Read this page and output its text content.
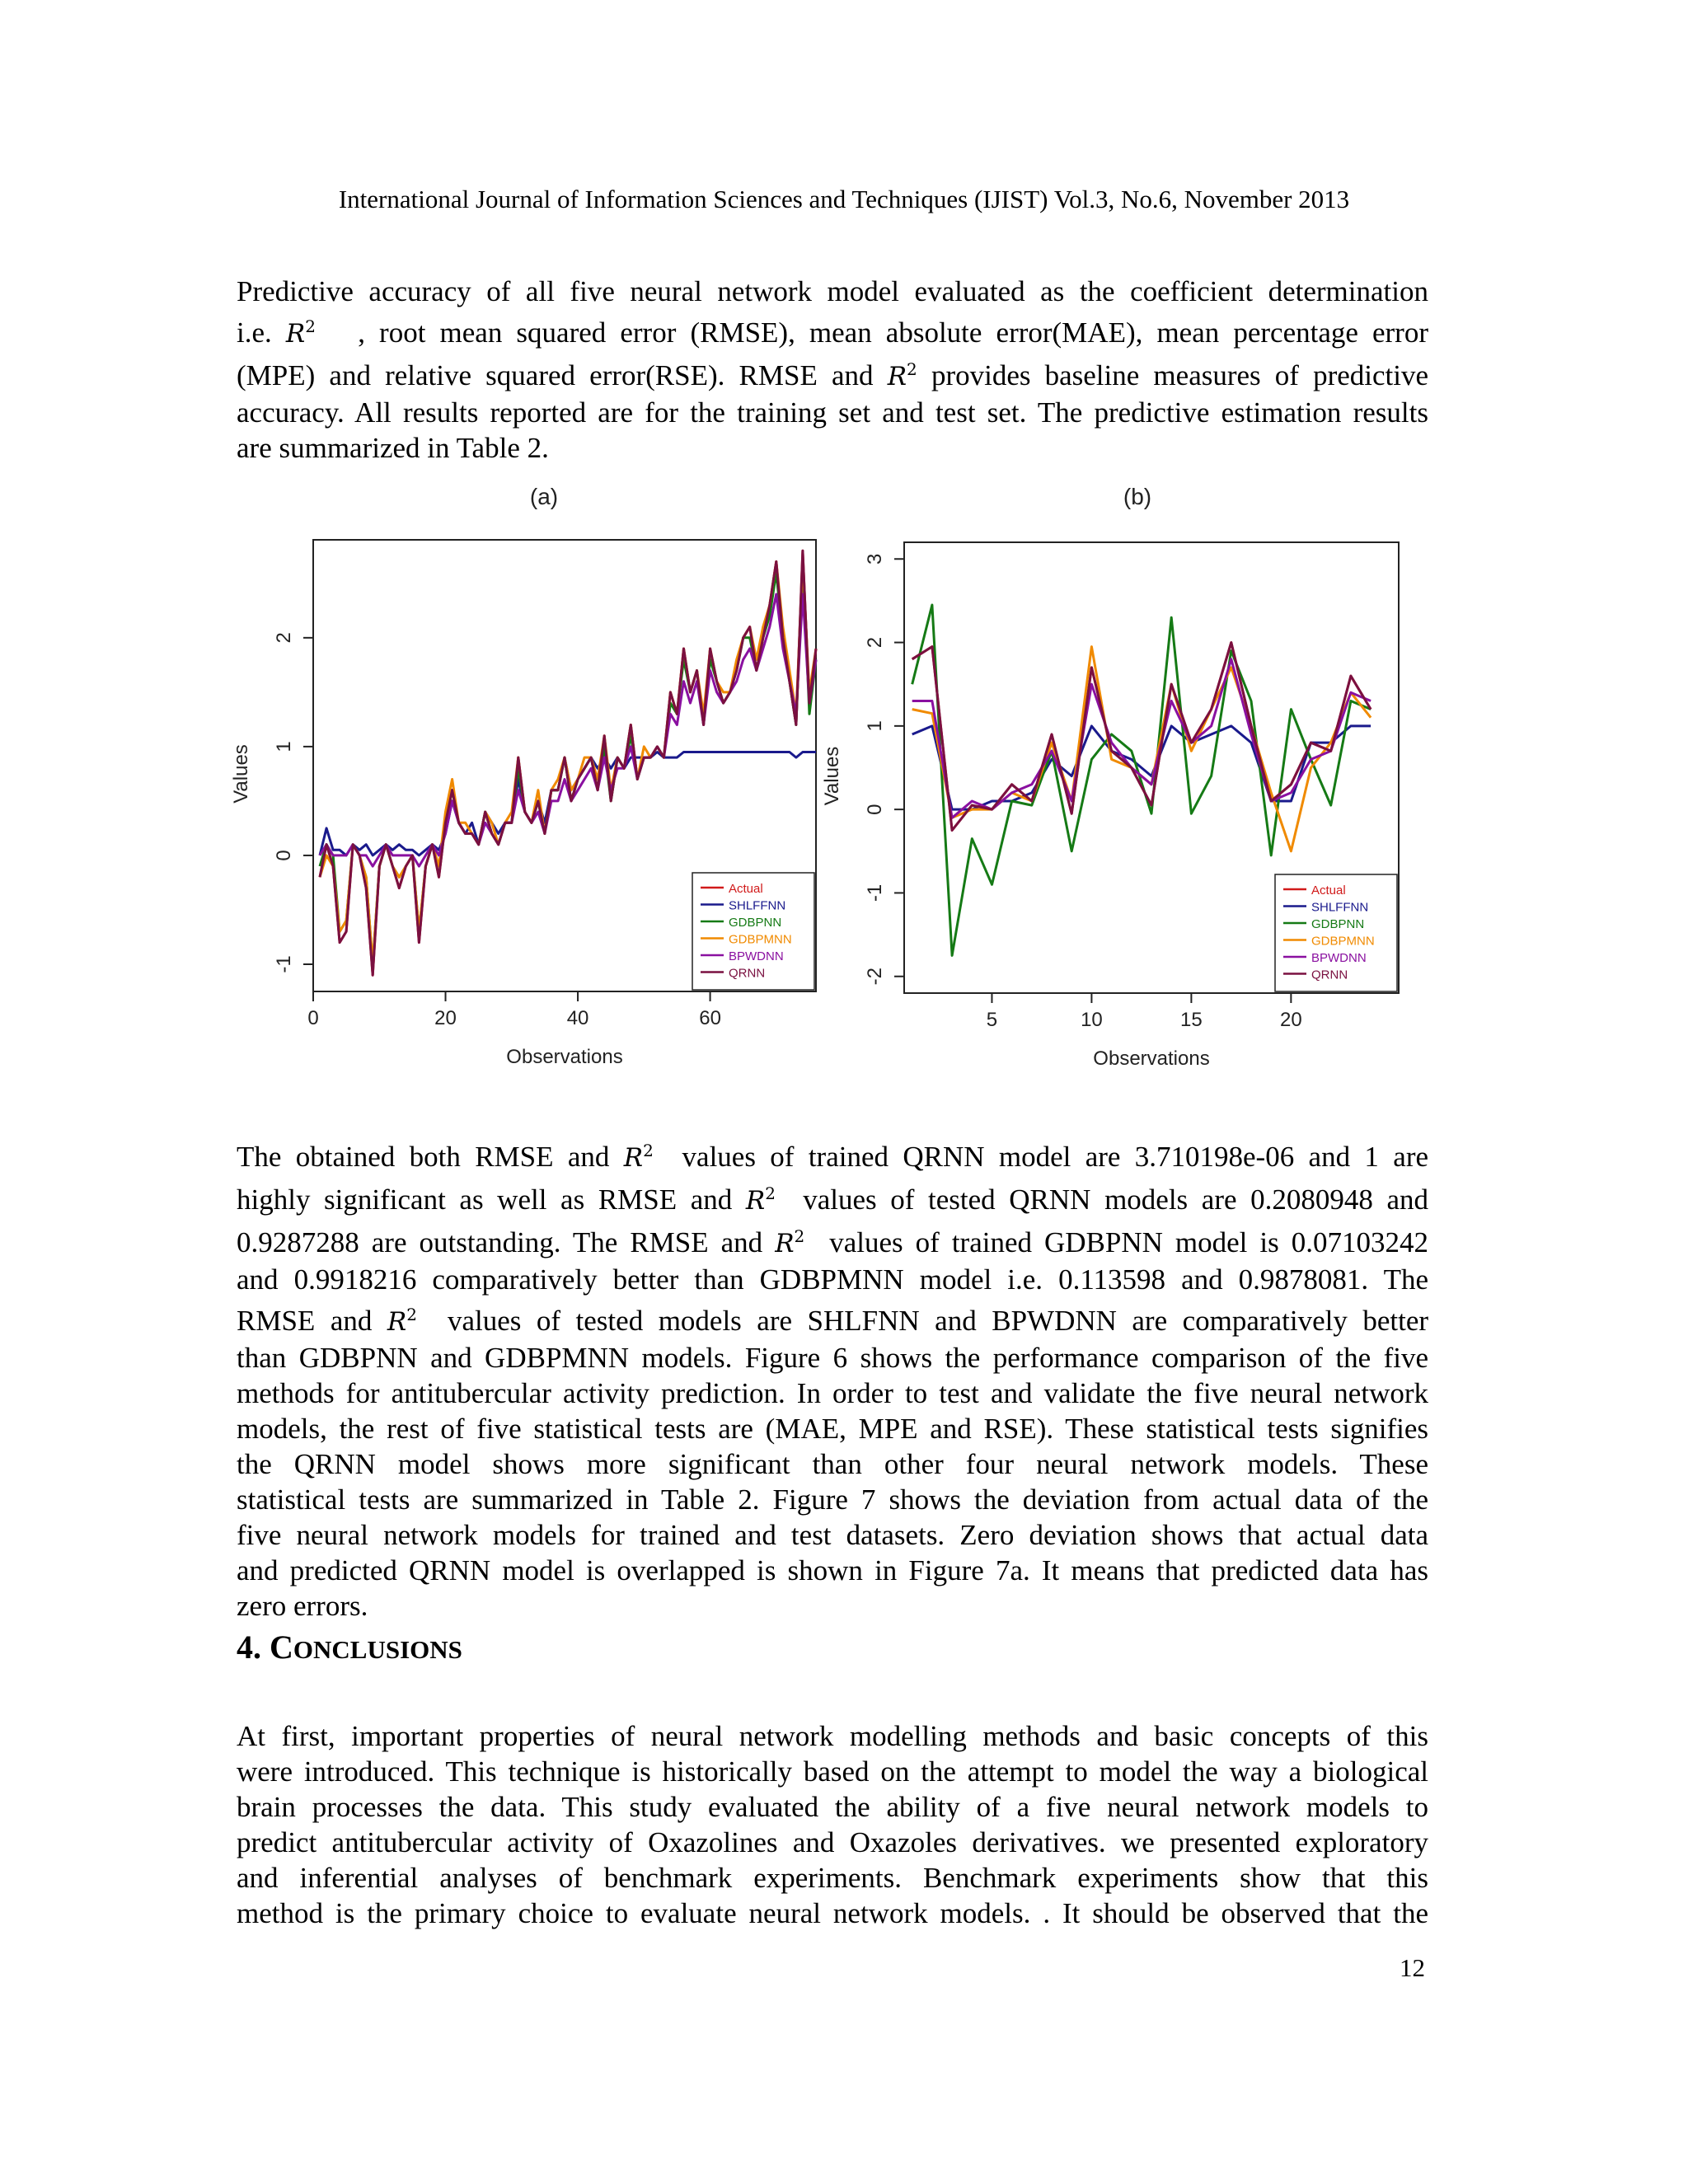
International Journal of Information Sciences and Techniques (IJIST) Vol.3, No.6, November 2013
Predictive accuracy of all five neural network model evaluated as the coefficient determination
i.e. $R^2$ , root mean squared error (RMSE), mean absolute error(MAE), mean percentage error
(MPE) and relative squared error(RSE). RMSE and $R^2$ provides baseline measures of predictive
accuracy. All results reported are for the training set and test set. The predictive estimation results
are summarized in Table 2.
(a)
0	20	40	60
-1
0
1
2
Observations
Values
Actual
SHLFFNN
GDBPNN
GDBPMNN
BPWDNN
QRNN
(b)
5	10	15	20
-2
-1
0
1
2
3
Observations
Values
Actual
SHLFFNN
GDBPNN
GDBPMNN
BPWDNN
QRNN
The obtained both RMSE and $R^2$ values of trained QRNN model are 3.710198e-06 and 1 are
highly significant as well as RMSE and $R^2$ values of tested QRNN models are 0.2080948 and
0.9287288 are outstanding. The RMSE and $R^2$ values of trained GDBPNN model is 0.07103242
and 0.9918216 comparatively better than GDBPMNN model i.e. 0.113598 and 0.9878081. The
RMSE and $R^2$ values of tested models are SHLFNN and BPWDNN are comparatively better
than GDBPNN and GDBPMNN models. Figure 6 shows the performance comparison of the five
methods for antitubercular activity prediction. In order to test and validate the five neural network
models, the rest of five statistical tests are (MAE, MPE and RSE). These statistical tests signifies
the QRNN model shows more significant than other four neural network models. These
statistical tests are summarized in Table 2. Figure 7 shows the deviation from actual data of the
five neural network models for trained and test datasets. Zero deviation shows that actual data
and predicted QRNN model is overlapped is shown in Figure 7a. It means that predicted data has
zero errors.
4. CONCLUSIONS
At first, important properties of neural network modelling methods and basic concepts of this
were introduced. This technique is historically based on the attempt to model the way a biological
brain processes the data. This study evaluated the ability of a five neural network models to
predict antitubercular activity of Oxazolines and Oxazoles derivatives. we presented exploratory
and inferential analyses of benchmark experiments. Benchmark experiments show that this
method is the primary choice to evaluate neural network models. . It should be observed that the
12
